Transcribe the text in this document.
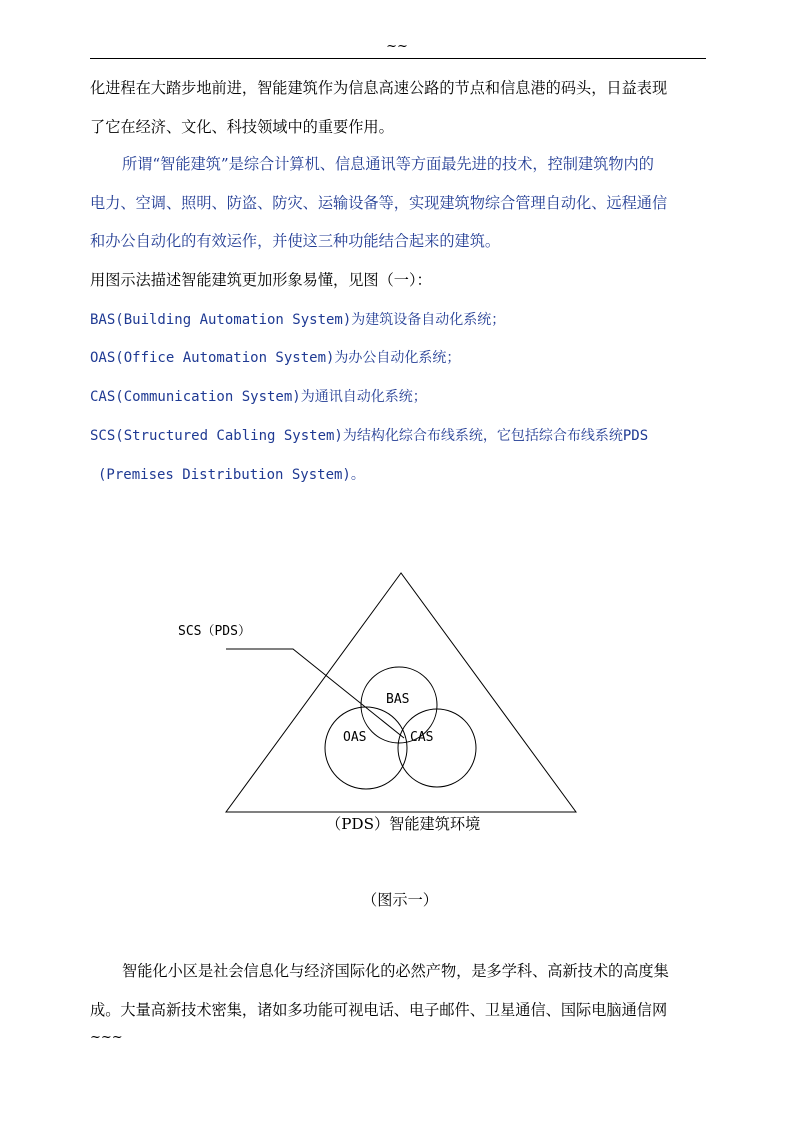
~~
化进程在大踏步地前进，智能建筑作为信息高速公路的节点和信息港的码头，日益表现
了它在经济、文化、科技领域中的重要作用。
所谓“智能建筑”是综合计算机、信息通讯等方面最先进的技术，控制建筑物内的
电力、空调、照明、防盗、防灾、运输设备等，实现建筑物综合管理自动化、远程通信
和办公自动化的有效运作，并使这三种功能结合起来的建筑。
用图示法描述智能建筑更加形象易懂，见图（一）：
BAS(Building Automation System)为建筑设备自动化系统；
OAS(Office Automation System)为办公自动化系统；
CAS(Communication System)为通讯自动化系统；
SCS(Structured Cabling System)为结构化综合布线系统，它包括综合布线系统PDS
(Premises Distribution System)。
SCS（PDS）
BAS
OAS	CAS
（PDS）智能建筑环境
（图示一）
智能化小区是社会信息化与经济国际化的必然产物，是多学科、高新技术的高度集
成。大量高新技术密集，诸如多功能可视电话、电子邮件、卫星通信、国际电脑通信网
~~~
